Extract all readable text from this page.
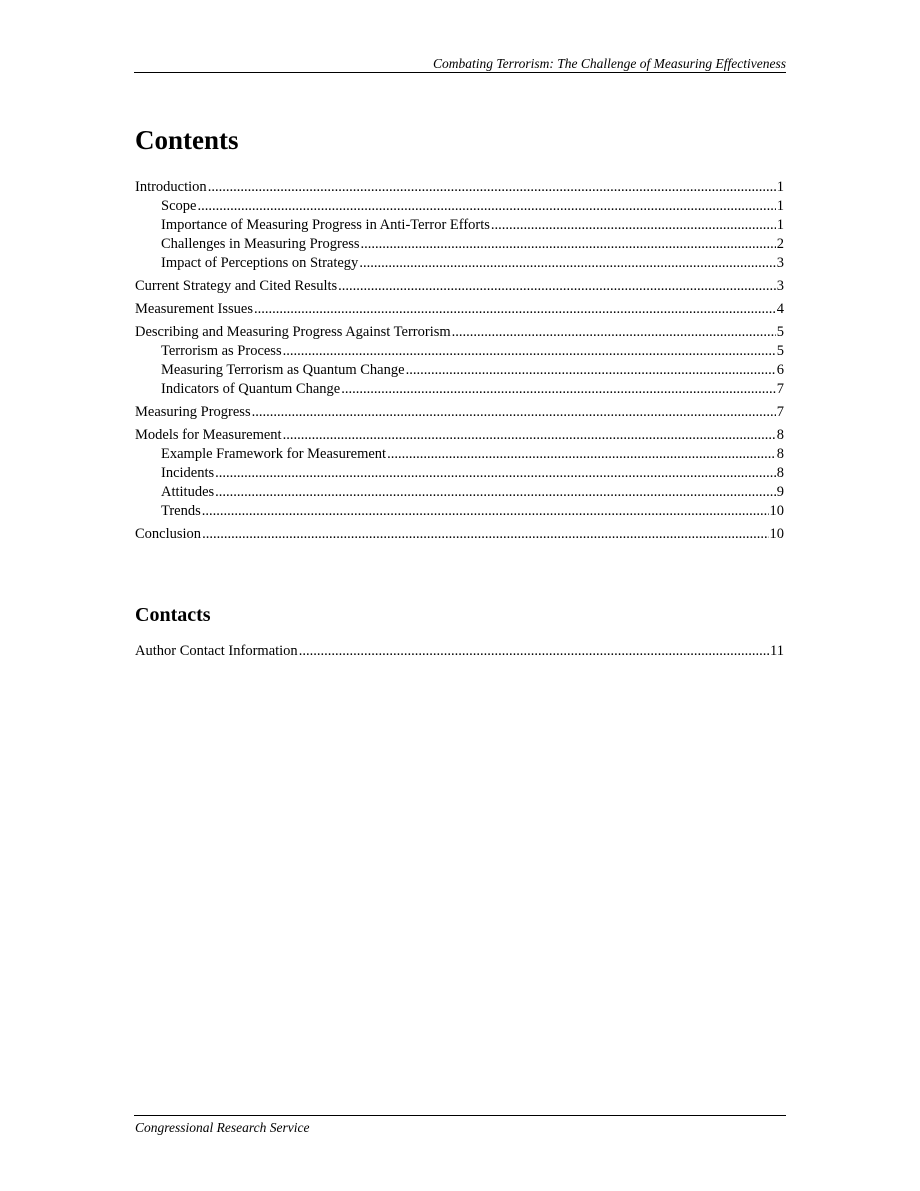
Combating Terrorism: The Challenge of Measuring Effectiveness
Contents
Introduction .....	1
Scope .....	1
Importance of Measuring Progress in Anti-Terror Efforts .....	1
Challenges in Measuring Progress .....	2
Impact of Perceptions on Strategy .....	3
Current Strategy and Cited Results .....	3
Measurement Issues .....	4
Describing and Measuring Progress Against Terrorism .....	5
Terrorism as Process .....	5
Measuring Terrorism as Quantum Change .....	6
Indicators of Quantum Change .....	7
Measuring Progress .....	7
Models for Measurement .....	8
Example Framework for Measurement .....	8
Incidents .....	8
Attitudes .....	9
Trends .....	10
Conclusion .....	10
Contacts
Author Contact Information .....	11
Congressional Research Service
